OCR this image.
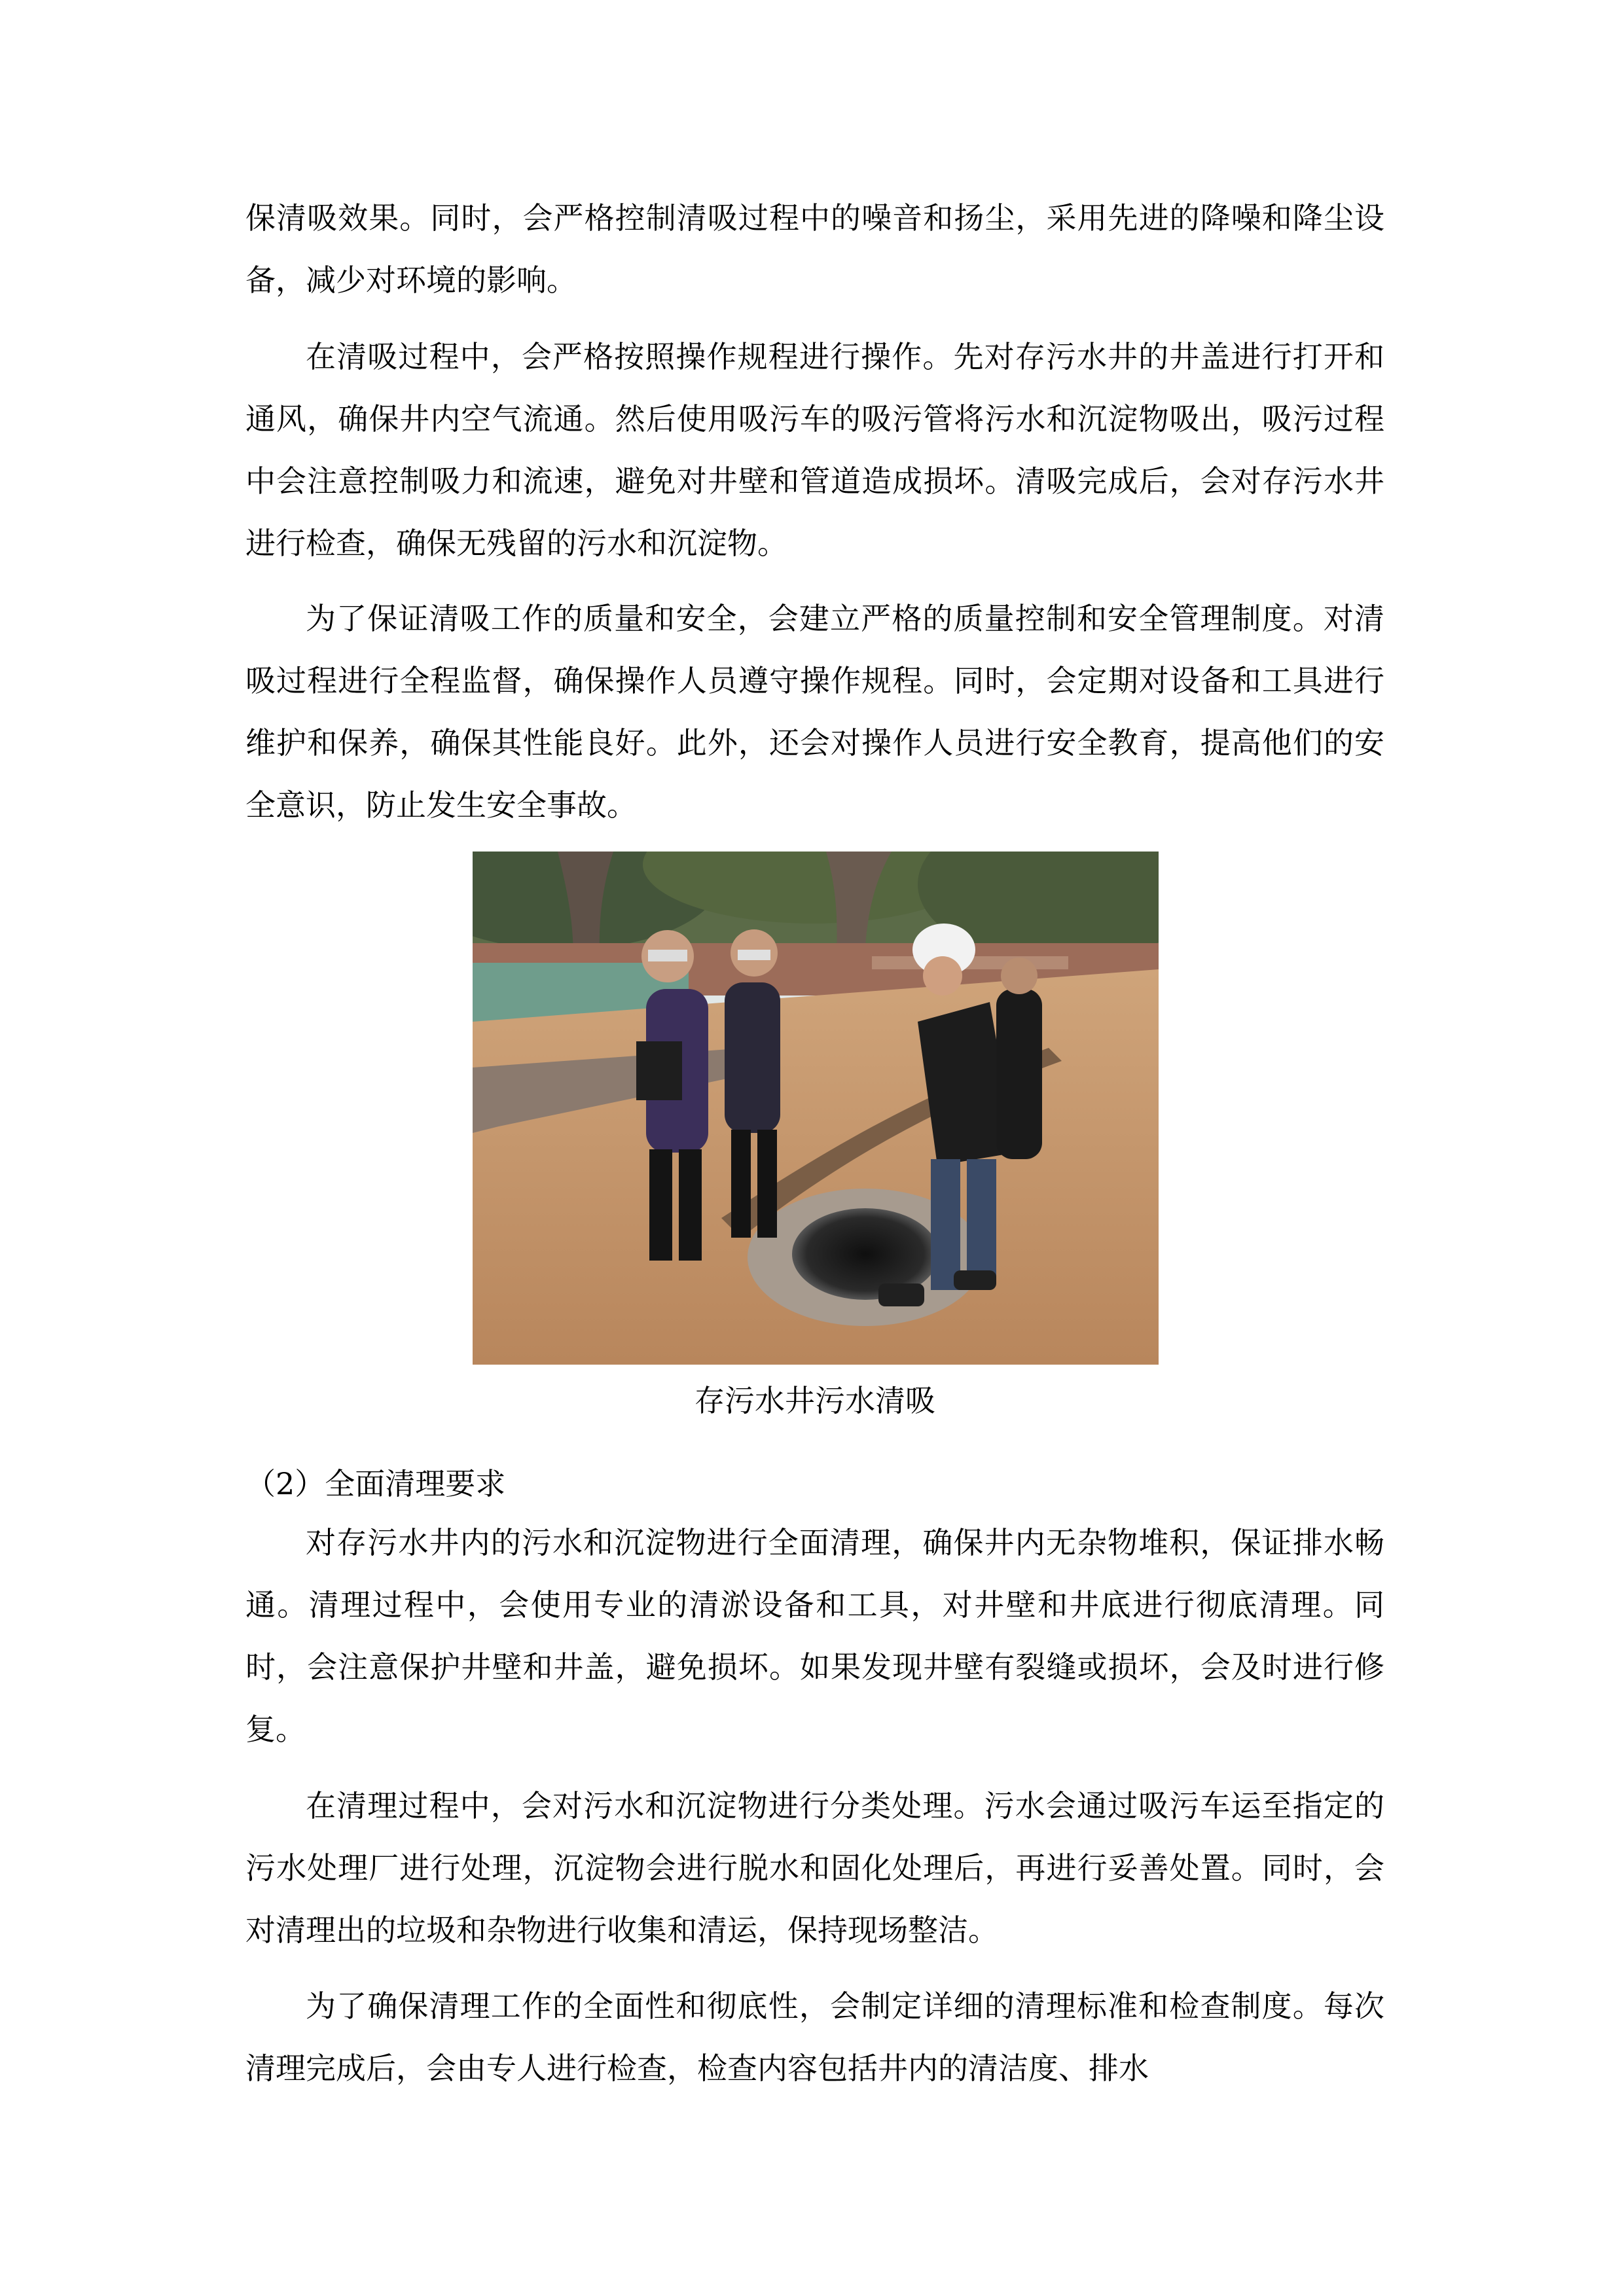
保清吸效果。同时，会严格控制清吸过程中的噪音和扬尘，采用先进的降噪和降尘设备，减少对环境的影响。

在清吸过程中，会严格按照操作规程进行操作。先对存污水井的井盖进行打开和通风，确保井内空气流通。然后使用吸污车的吸污管将污水和沉淀物吸出，吸污过程中会注意控制吸力和流速，避免对井壁和管道造成损坏。清吸完成后，会对存污水井进行检查，确保无残留的污水和沉淀物。

为了保证清吸工作的质量和安全，会建立严格的质量控制和安全管理制度。对清吸过程进行全程监督，确保操作人员遵守操作规程。同时，会定期对设备和工具进行维护和保养，确保其性能良好。此外，还会对操作人员进行安全教育，提高他们的安全意识，防止发生安全事故。

存污水井污水清吸

（2）全面清理要求

对存污水井内的污水和沉淀物进行全面清理，确保井内无杂物堆积，保证排水畅通。清理过程中，会使用专业的清淤设备和工具，对井壁和井底进行彻底清理。同时，会注意保护井壁和井盖，避免损坏。如果发现井壁有裂缝或损坏，会及时进行修复。

在清理过程中，会对污水和沉淀物进行分类处理。污水会通过吸污车运至指定的污水处理厂进行处理，沉淀物会进行脱水和固化处理后，再进行妥善处置。同时，会对清理出的垃圾和杂物进行收集和清运，保持现场整洁。

为了确保清理工作的全面性和彻底性，会制定详细的清理标准和检查制度。每次清理完成后，会由专人进行检查，检查内容包括井内的清洁度、排水
